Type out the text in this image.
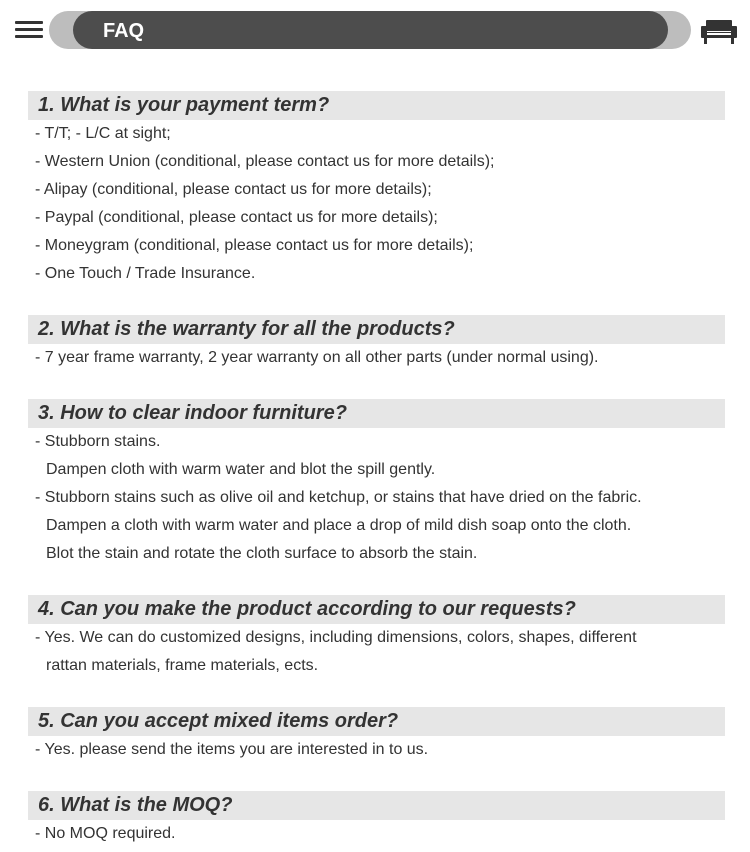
FAQ
1. What is your payment term?
- T/T; - L/C at sight;
- Western Union (conditional, please contact us for more details);
- Alipay (conditional, please contact us for more details);
- Paypal (conditional, please contact us for more details);
- Moneygram (conditional, please contact us for more details);
- One Touch / Trade Insurance.
2. What is the warranty for all the products?
- 7 year frame warranty, 2 year warranty on all other parts (under normal using).
3. How to clear indoor furniture?
- Stubborn stains.
Dampen cloth with warm water and blot the spill gently.
- Stubborn stains such as olive oil and ketchup, or stains that have dried on the fabric.
Dampen a cloth with warm water and place a drop of mild dish soap onto the cloth.
Blot the stain and rotate the cloth surface to absorb the stain.
4. Can you make the product according to our requests?
- Yes. We can do customized designs, including dimensions, colors, shapes, different
rattan materials, frame materials, ects.
5. Can you accept mixed items order?
- Yes. please send the items you are interested in to us.
6. What is the MOQ?
- No MOQ required.
